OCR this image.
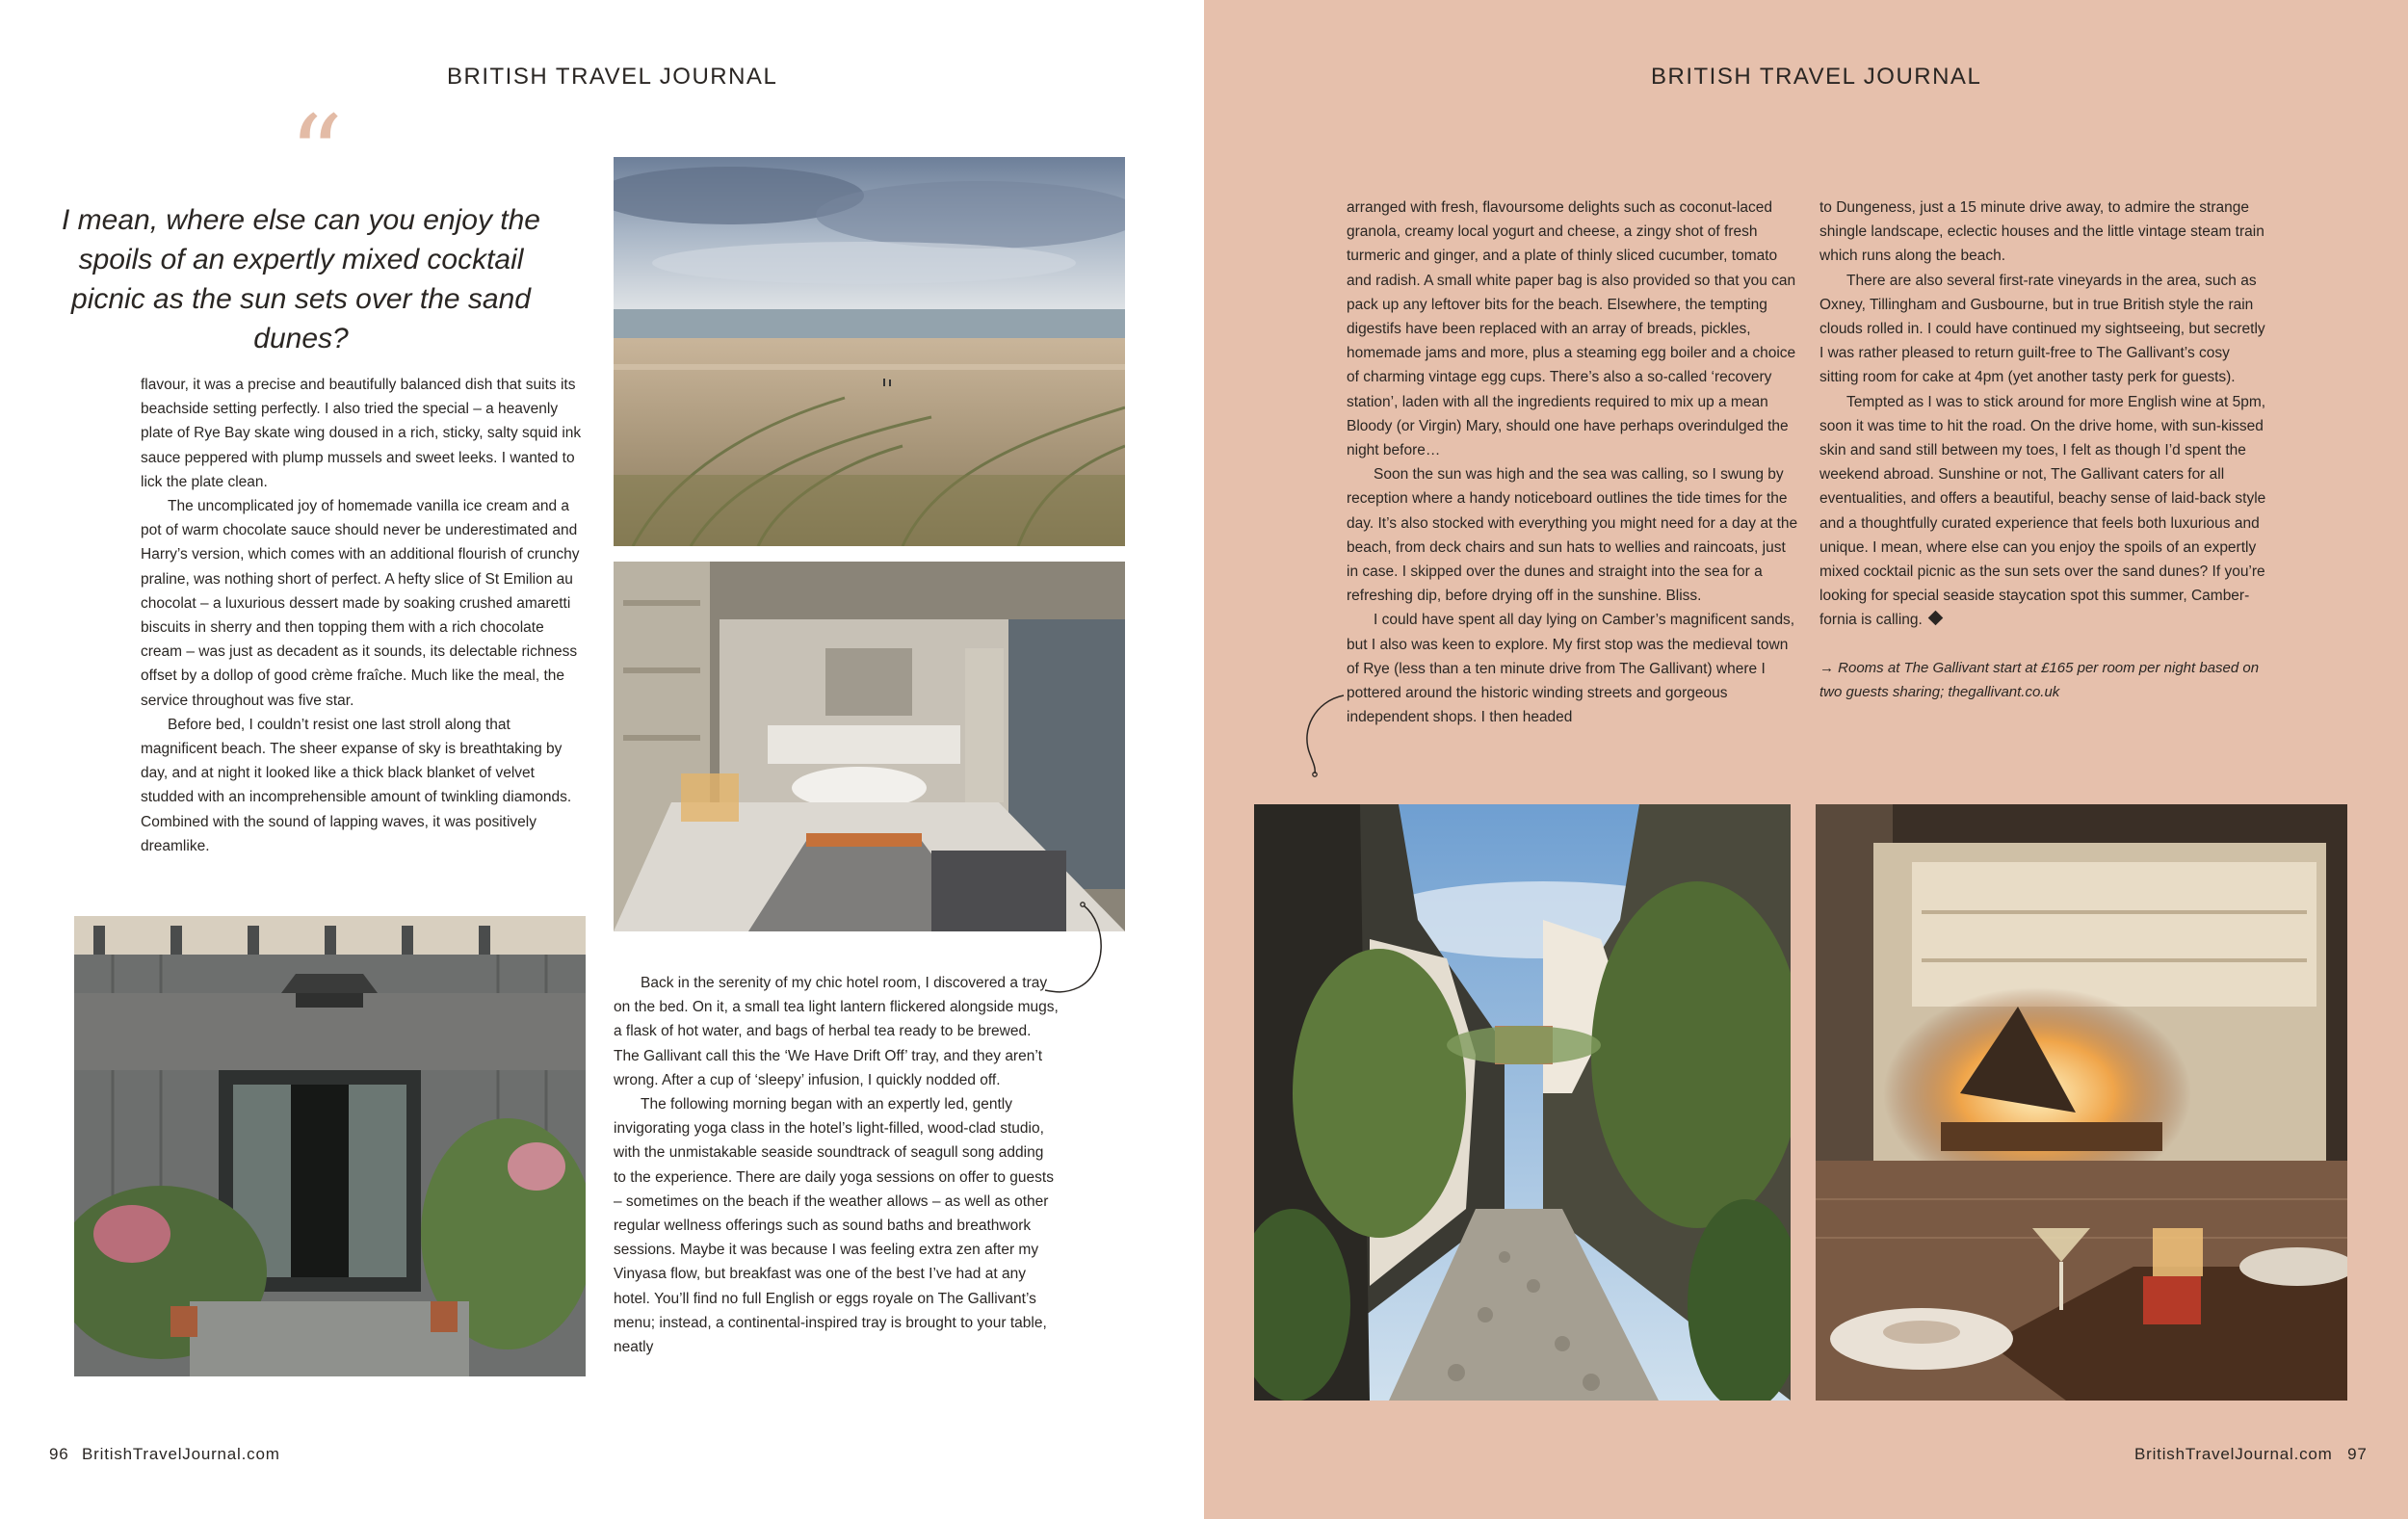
BRITISH TRAVEL JOURNAL
“

I mean, where else can you enjoy the spoils of an expertly mixed cocktail picnic as the sun sets over the sand dunes?

flavour, it was a precise and beautifully balanced dish that suits its beachside setting perfectly. I also tried the special – a heavenly plate of Rye Bay skate wing doused in a rich, sticky, salty squid ink sauce peppered with plump mussels and sweet leeks. I wanted to lick the plate clean.

The uncomplicated joy of homemade vanilla ice cream and a pot of warm chocolate sauce should never be underestimated and Harry’s version, which comes with an additional flourish of crunchy praline, was nothing short of perfect. A hefty slice of St Emilion au chocolat – a luxurious dessert made by soaking crushed amaretti biscuits in sherry and then topping them with a rich chocolate cream – was just as decadent as it sounds, its delectable richness offset by a dollop of good crème fraîche. Much like the meal, the service throughout was five star.

Before bed, I couldn’t resist one last stroll along that magnificent beach. The sheer expanse of sky is breathtaking by day, and at night it looked like a thick black blanket of velvet studded with an incomprehensible amount of twinkling diamonds. Combined with the sound of lapping waves, it was positively dreamlike.

Back in the serenity of my chic hotel room, I discovered a tray on the bed. On it, a small tea light lantern flickered alongside mugs, a flask of hot water, and bags of herbal tea ready to be brewed. The Gallivant call this the ‘We Have Drift Off’ tray, and they aren’t wrong. After a cup of ‘sleepy’ infusion, I quickly nodded off.

The following morning began with an expertly led, gently invigorating yoga class in the hotel’s light-filled, wood-clad studio, with the unmistakable seaside soundtrack of seagull song adding to the experience. There are daily yoga sessions on offer to guests – sometimes on the beach if the weather allows – as well as other regular wellness offerings such as sound baths and breathwork sessions. Maybe it was because I was feeling extra zen after my Vinyasa flow, but breakfast was one of the best I’ve had at any hotel. You’ll find no full English or eggs royale on The Gallivant’s menu; instead, a continental-inspired tray is brought to your table, neatly

96 BritishTravelJournal.com
BRITISH TRAVEL JOURNAL

arranged with fresh, flavoursome delights such as coconut-laced granola, creamy local yogurt and cheese, a zingy shot of fresh turmeric and ginger, and a plate of thinly sliced cucumber, tomato and radish. A small white paper bag is also provided so that you can pack up any leftover bits for the beach. Elsewhere, the tempting digestifs have been replaced with an array of breads, pickles, homemade jams and more, plus a steaming egg boiler and a choice of charming vintage egg cups. There’s also a so-called ‘recovery station’, laden with all the ingredients required to mix up a mean Bloody (or Virgin) Mary, should one have perhaps overindulged the night before…

Soon the sun was high and the sea was calling, so I swung by reception where a handy noticeboard outlines the tide times for the day. It’s also stocked with everything you might need for a day at the beach, from deck chairs and sun hats to wellies and raincoats, just in case. I skipped over the dunes and straight into the sea for a refreshing dip, before drying off in the sunshine. Bliss.

I could have spent all day lying on Camber’s magnificent sands, but I also was keen to explore. My first stop was the medieval town of Rye (less than a ten minute drive from The Gallivant) where I pottered around the historic winding streets and gorgeous independent shops. I then headed

to Dungeness, just a 15 minute drive away, to admire the strange shingle landscape, eclectic houses and the little vintage steam train which runs along the beach.

There are also several first-rate vineyards in the area, such as Oxney, Tillingham and Gusbourne, but in true British style the rain clouds rolled in. I could have continued my sightseeing, but secretly I was rather pleased to return guilt-free to The Gallivant’s cosy sitting room for cake at 4pm (yet another tasty perk for guests).

Tempted as I was to stick around for more English wine at 5pm, soon it was time to hit the road. On the drive home, with sun-kissed skin and sand still between my toes, I felt as though I’d spent the weekend abroad. Sunshine or not, The Gallivant caters for all eventualities, and offers a beautiful, beachy sense of laid-back style and a thoughtfully curated experience that feels both luxurious and unique. I mean, where else can you enjoy the spoils of an expertly mixed cocktail picnic as the sun sets over the sand dunes? If you’re looking for special seaside staycation spot this summer, Camber-fornia is calling.

→ Rooms at The Gallivant start at £165 per room per night based on two guests sharing; thegallivant.co.uk

BritishTravelJournal.com 97
